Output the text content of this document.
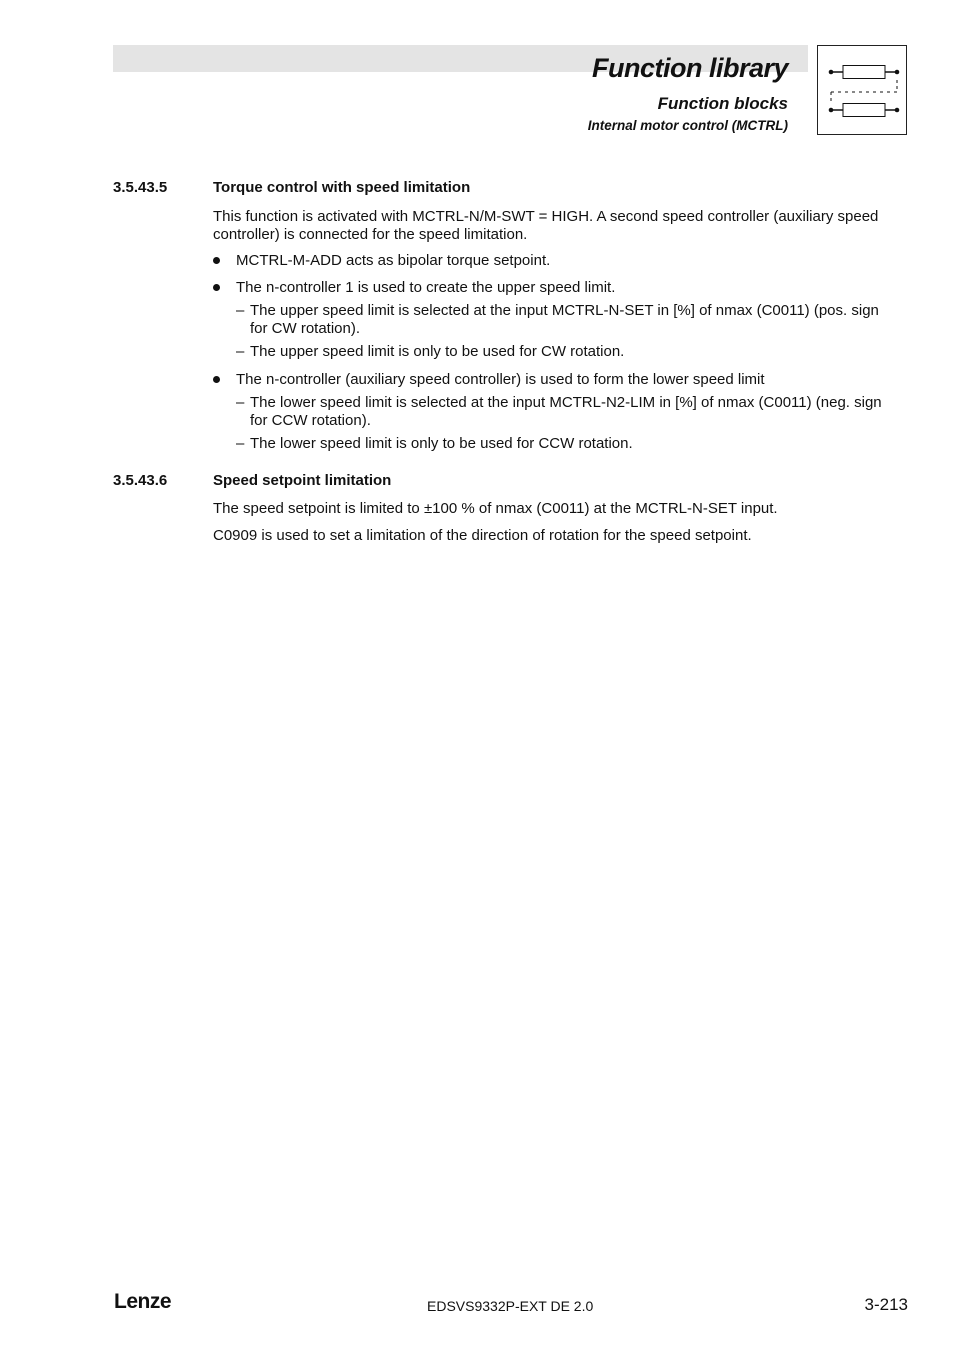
Function library
Function blocks
Internal motor control (MCTRL)
3.5.43.5	Torque control with speed limitation
This function is activated with MCTRL-N/M-SWT = HIGH. A second speed controller (auxiliary speed controller) is connected for the speed limitation.
MCTRL-M-ADD acts as bipolar torque setpoint.
The n-controller 1 is used to create the upper speed limit.
– The upper speed limit is selected at the input MCTRL-N-SET in [%] of nmax (C0011) (pos. sign for CW rotation).
– The upper speed limit is only to be used for CW rotation.
The n-controller (auxiliary speed controller) is used to form the lower speed limit
– The lower speed limit is selected at the input MCTRL-N2-LIM in [%] of nmax (C0011) (neg. sign for CCW rotation).
– The lower speed limit is only to be used for CCW rotation.
3.5.43.6	Speed setpoint limitation
The speed setpoint is limited to ±100 % of nmax (C0011) at the MCTRL-N-SET input.
C0909 is used to set a limitation of the direction of rotation for the speed setpoint.
Lenze	EDSVS9332P-EXT DE 2.0	3-213
